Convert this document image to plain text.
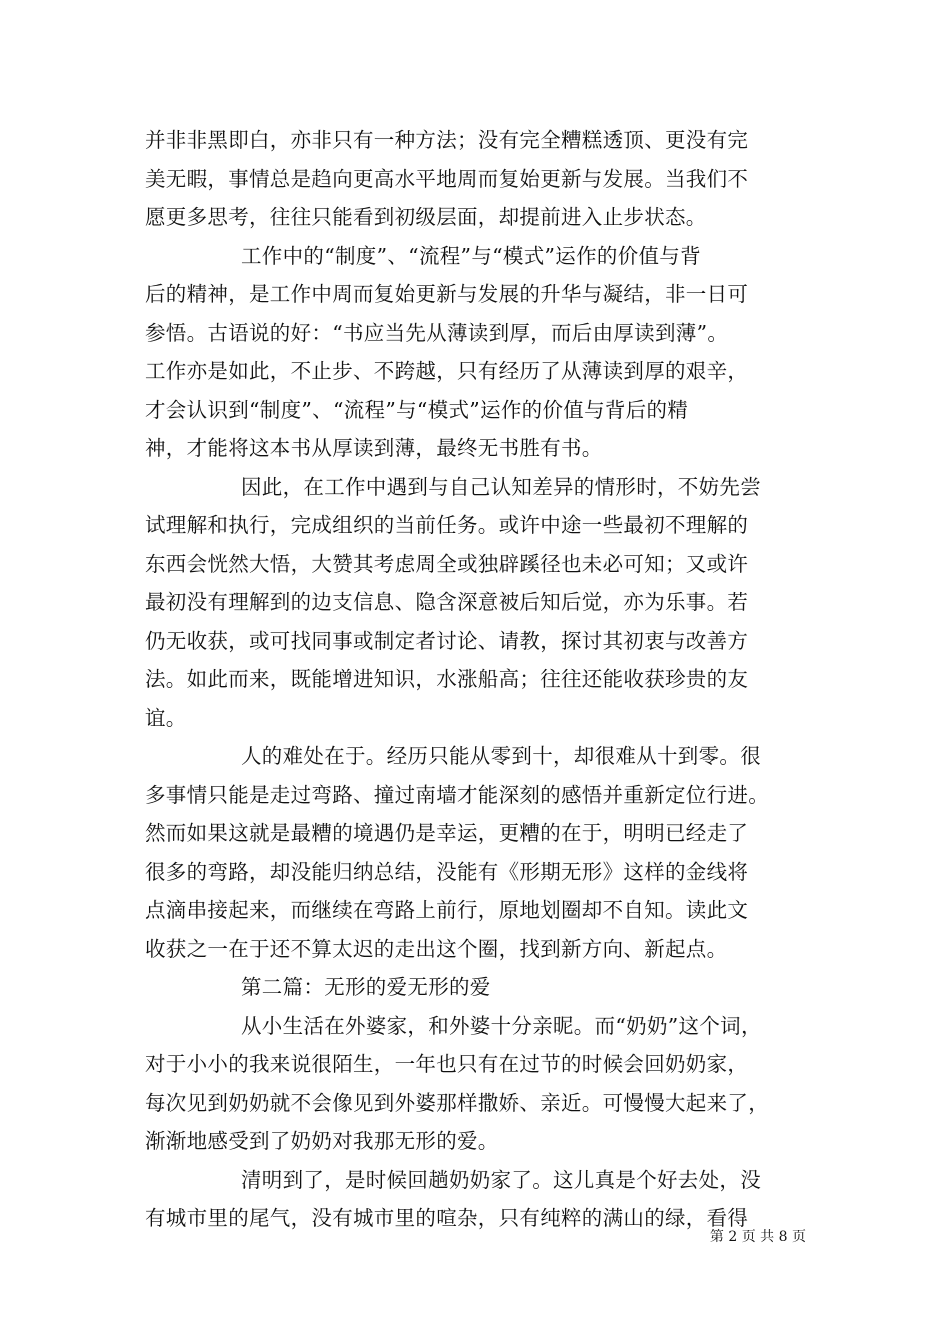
并非非黑即白，亦非只有一种方法；没有完全糟糕透顶、更没有完
美无暇，事情总是趋向更高水平地周而复始更新与发展。当我们不
愿更多思考，往往只能看到初级层面，却提前进入止步状态。
工作中的“制度”、“流程”与“模式”运作的价值与背
后的精神，是工作中周而复始更新与发展的升华与凝结，非一日可
参悟。古语说的好：“书应当先从薄读到厚，而后由厚读到薄”。
工作亦是如此，不止步、不跨越，只有经历了从薄读到厚的艰辛，
才会认识到“制度”、“流程”与“模式”运作的价值与背后的精
神，才能将这本书从厚读到薄，最终无书胜有书。
因此，在工作中遇到与自己认知差异的情形时，不妨先尝
试理解和执行，完成组织的当前任务。或许中途一些最初不理解的
东西会恍然大悟，大赞其考虑周全或独辟蹊径也未必可知；又或许
最初没有理解到的边支信息、隐含深意被后知后觉，亦为乐事。若
仍无收获，或可找同事或制定者讨论、请教，探讨其初衷与改善方
法。如此而来，既能增进知识，水涨船高；往往还能收获珍贵的友
谊。
人的难处在于。经历只能从零到十，却很难从十到零。很
多事情只能是走过弯路、撞过南墙才能深刻的感悟并重新定位行进。
然而如果这就是最糟的境遇仍是幸运，更糟的在于，明明已经走了
很多的弯路，却没能归纳总结，没能有《形期无形》这样的金线将
点滴串接起来，而继续在弯路上前行，原地划圈却不自知。读此文
收获之一在于还不算太迟的走出这个圈，找到新方向、新起点。
第二篇：无形的爱无形的爱
从小生活在外婆家，和外婆十分亲昵。而“奶奶”这个词，
对于小小的我来说很陌生，一年也只有在过节的时候会回奶奶家，
每次见到奶奶就不会像见到外婆那样撒娇、亲近。可慢慢大起来了，
渐渐地感受到了奶奶对我那无形的爱。
清明到了，是时候回趟奶奶家了。这儿真是个好去处，没
有城市里的尾气，没有城市里的喧杂，只有纯粹的满山的绿，看得
第 2 页 共 8 页
